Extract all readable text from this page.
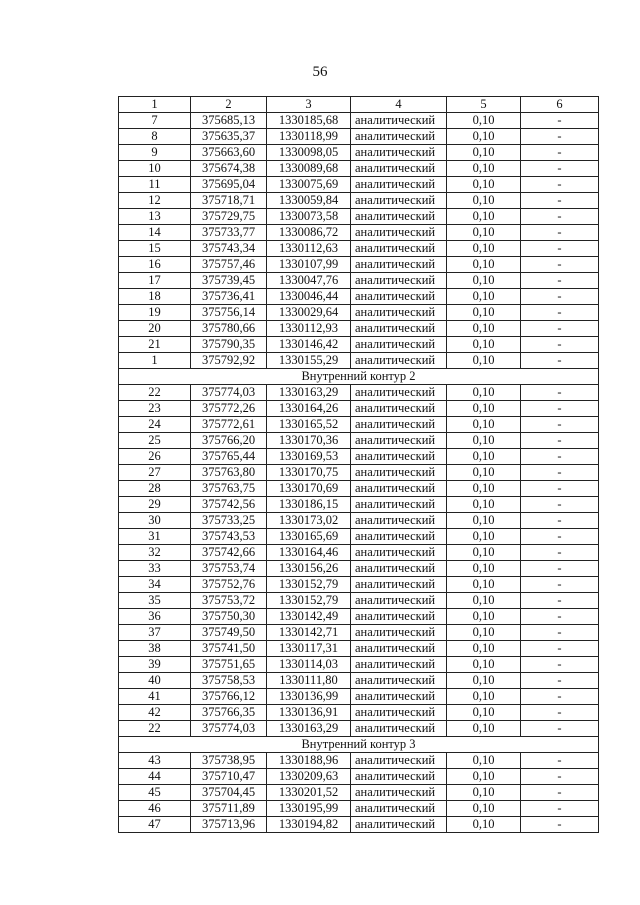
56
1	2	3	4	5	6
7	375685,13	1330185,68	аналитический	0,10	-
8	375635,37	1330118,99	аналитический	0,10	-
9	375663,60	1330098,05	аналитический	0,10	-
10	375674,38	1330089,68	аналитический	0,10	-
11	375695,04	1330075,69	аналитический	0,10	-
12	375718,71	1330059,84	аналитический	0,10	-
13	375729,75	1330073,58	аналитический	0,10	-
14	375733,77	1330086,72	аналитический	0,10	-
15	375743,34	1330112,63	аналитический	0,10	-
16	375757,46	1330107,99	аналитический	0,10	-
17	375739,45	1330047,76	аналитический	0,10	-
18	375736,41	1330046,44	аналитический	0,10	-
19	375756,14	1330029,64	аналитический	0,10	-
20	375780,66	1330112,93	аналитический	0,10	-
21	375790,35	1330146,42	аналитический	0,10	-
1	375792,92	1330155,29	аналитический	0,10	-
Внутренний контур 2					
22	375774,03	1330163,29	аналитический	0,10	-
23	375772,26	1330164,26	аналитический	0,10	-
24	375772,61	1330165,52	аналитический	0,10	-
25	375766,20	1330170,36	аналитический	0,10	-
26	375765,44	1330169,53	аналитический	0,10	-
27	375763,80	1330170,75	аналитический	0,10	-
28	375763,75	1330170,69	аналитический	0,10	-
29	375742,56	1330186,15	аналитический	0,10	-
30	375733,25	1330173,02	аналитический	0,10	-
31	375743,53	1330165,69	аналитический	0,10	-
32	375742,66	1330164,46	аналитический	0,10	-
33	375753,74	1330156,26	аналитический	0,10	-
34	375752,76	1330152,79	аналитический	0,10	-
35	375753,72	1330152,79	аналитический	0,10	-
36	375750,30	1330142,49	аналитический	0,10	-
37	375749,50	1330142,71	аналитический	0,10	-
38	375741,50	1330117,31	аналитический	0,10	-
39	375751,65	1330114,03	аналитический	0,10	-
40	375758,53	1330111,80	аналитический	0,10	-
41	375766,12	1330136,99	аналитический	0,10	-
42	375766,35	1330136,91	аналитический	0,10	-
22	375774,03	1330163,29	аналитический	0,10	-
Внутренний контур 3					
43	375738,95	1330188,96	аналитический	0,10	-
44	375710,47	1330209,63	аналитический	0,10	-
45	375704,45	1330201,52	аналитический	0,10	-
46	375711,89	1330195,99	аналитический	0,10	-
47	375713,96	1330194,82	аналитический	0,10	-
